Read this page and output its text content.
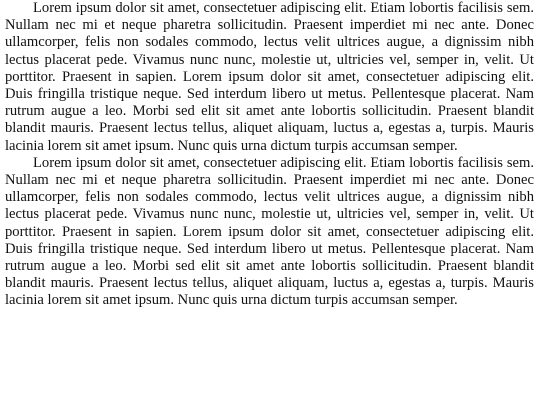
Lorem ipsum dolor sit amet, consectetuer adipiscing elit. Etiam lobortis facilisis sem. Nullam nec mi et neque pharetra sollicitudin. Praesent imperdiet mi nec ante. Donec ullamcorper, felis non sodales commodo, lectus velit ultrices augue, a dignissim nibh lectus placerat pede. Vivamus nunc nunc, molestie ut, ultricies vel, semper in, velit. Ut porttitor. Praesent in sapien. Lorem ipsum dolor sit amet, consectetuer adipiscing elit. Duis fringilla tristique neque. Sed interdum libero ut metus. Pellentesque placerat. Nam rutrum augue a leo. Morbi sed elit sit amet ante lobortis sollicitudin. Praesent blandit blandit mauris. Praesent lectus tellus, aliquet aliquam, luctus a, egestas a, turpis. Mauris lacinia lorem sit amet ipsum. Nunc quis urna dictum turpis accumsan semper.

Lorem ipsum dolor sit amet, consectetuer adipiscing elit. Etiam lobortis facilisis sem. Nullam nec mi et neque pharetra sollicitudin. Praesent imperdiet mi nec ante. Donec ullamcorper, felis non sodales commodo, lectus velit ultrices augue, a dignissim nibh lectus placerat pede. Vivamus nunc nunc, molestie ut, ultricies vel, semper in, velit. Ut porttitor. Praesent in sapien. Lorem ipsum dolor sit amet, consectetuer adipiscing elit. Duis fringilla tristique neque. Sed interdum libero ut metus. Pellentesque placerat. Nam rutrum augue a leo. Morbi sed elit sit amet ante lobortis sollicitudin. Praesent blandit blandit mauris. Praesent lectus tellus, aliquet aliquam, luctus a, egestas a, turpis. Mauris lacinia lorem sit amet ipsum. Nunc quis urna dictum turpis accumsan semper.
